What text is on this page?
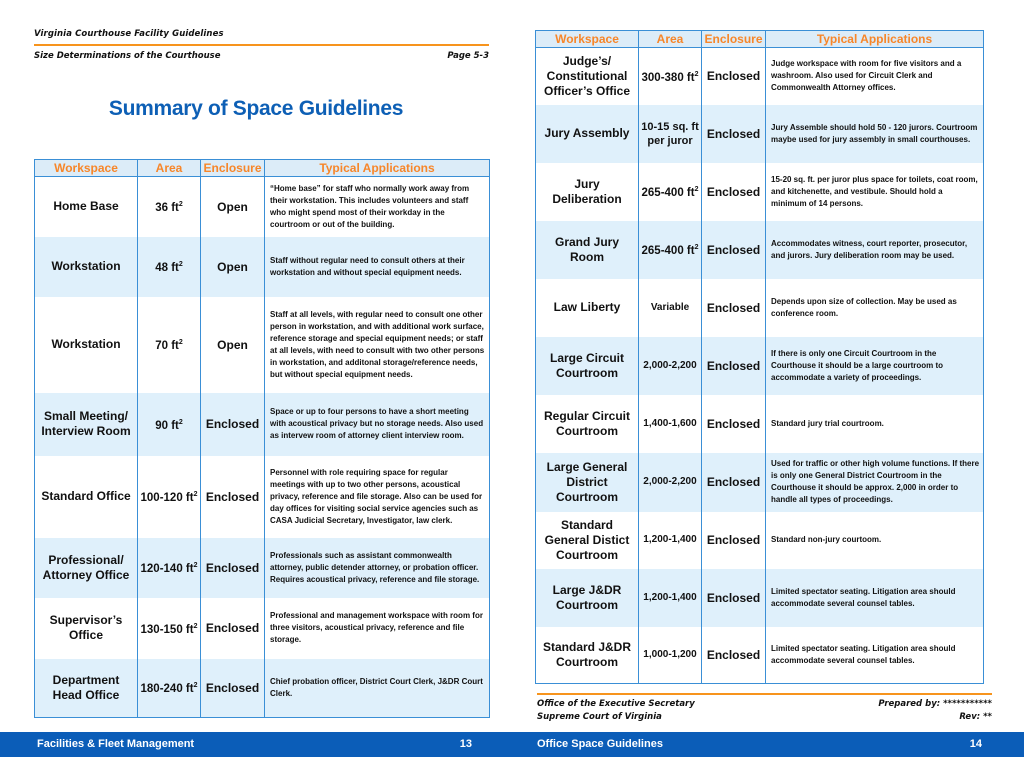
Virginia Courthouse Facility Guidelines
Size Determinations of the Courthouse	Page 5-3
Summary of Space Guidelines
Workspace	Area	Enclosure	Typical Applications
Home Base	36 $ft^2$	Open	“Home base” for staff who normally work away from their workstation. This includes volunteers and staff who might spend most of their workday in the courtroom or out of the building.
Workstation	48 $ft^2$	Open	Staff without regular need to consult others at their workstation and without special equipment needs.
Workstation	70 $ft^2$	Open	Staff at all levels, with regular need to consult one other person in workstation, and with additional work surface, reference storage and special equipment needs; or staff at all levels, with need to consult with two other persons in workstation, and additonal storage/reference needs, but without special equipment needs.
Small Meeting/ Interview Room	90 $ft^2$	Enclosed	Space or up to four persons to have a short meeting with acoustical privacy but no storage needs. Also used as intervew room of attorney client interview room.
Standard Office	100-120 $ft^2$	Enclosed	Personnel with role requiring space for regular meetings with up to two other persons, acoustical privacy, reference and file storage. Also can be used for day offices for visiting social service agencies such as CASA Judicial Secretary, Investigator, law clerk.
Professional/ Attorney Office	120-140 $ft^2$	Enclosed	Professionals such as assistant commonwealth attorney, public detender attorney, or probation officer. Requires acoustical privacy, reference and file storage.
Supervisor’s Office	130-150 $ft^2$	Enclosed	Professional and management workspace with room for three visitors, acoustical privacy, reference and file storage.
Department Head Office	180-240 $ft^2$	Enclosed	Chief probation officer, District Court Clerk, J&DR Court Clerk.
Facilities & Fleet Management	13
Workspace	Area	Enclosure	Typical Applications
Judge’s/ Constitutional Officer’s Office	300-380 $ft^2$	Enclosed	Judge workspace with room for five visitors and a washroom. Also used for Circuit Clerk and Commonwealth Attorney offices.
Jury Assembly	10-15 sq. ft per juror	Enclosed	Jury Assemble should hold 50 - 120 jurors. Courtroom maybe used for jury assembly in small courthouses.
Jury Deliberation	265-400 $ft^2$	Enclosed	15-20 sq. ft. per juror plus space for toilets, coat room, and kitchenette, and vestibule. Should hold a minimum of 14 persons.
Grand Jury Room	265-400 $ft^2$	Enclosed	Accommodates witness, court reporter, prosecutor, and jurors. Jury deliberation room may be used.
Law Liberty	Variable	Enclosed	Depends upon size of collection. May be used as conference room.
Large Circuit Courtroom	2,000-2,200	Enclosed	If there is only one Circuit Courtroom in the Courthouse it should be a large courtroom to accommodate a variety of proceedings.
Regular Circuit Courtroom	1,400-1,600	Enclosed	Standard jury trial courtroom.
Large General District Courtroom	2,000-2,200	Enclosed	Used for traffic or other high volume functions. If there is only one General District Courtroom in the Courthouse it should be approx. 2,000 in order to handle all types of proceedings.
Standard General Distict Courtroom	1,200-1,400	Enclosed	Standard non-jury courtoom.
Large J&DR Courtroom	1,200-1,400	Enclosed	Limited spectator seating. Litigation area should accommodate several counsel tables.
Standard J&DR Courtroom	1,000-1,200	Enclosed	Limited spectator seating. Litigation area should accommodate several counsel tables.
Office of the Executive Secretary
Supreme Court of Virginia
Prepared by: ***********
Rev: **
Office Space Guidelines	14
